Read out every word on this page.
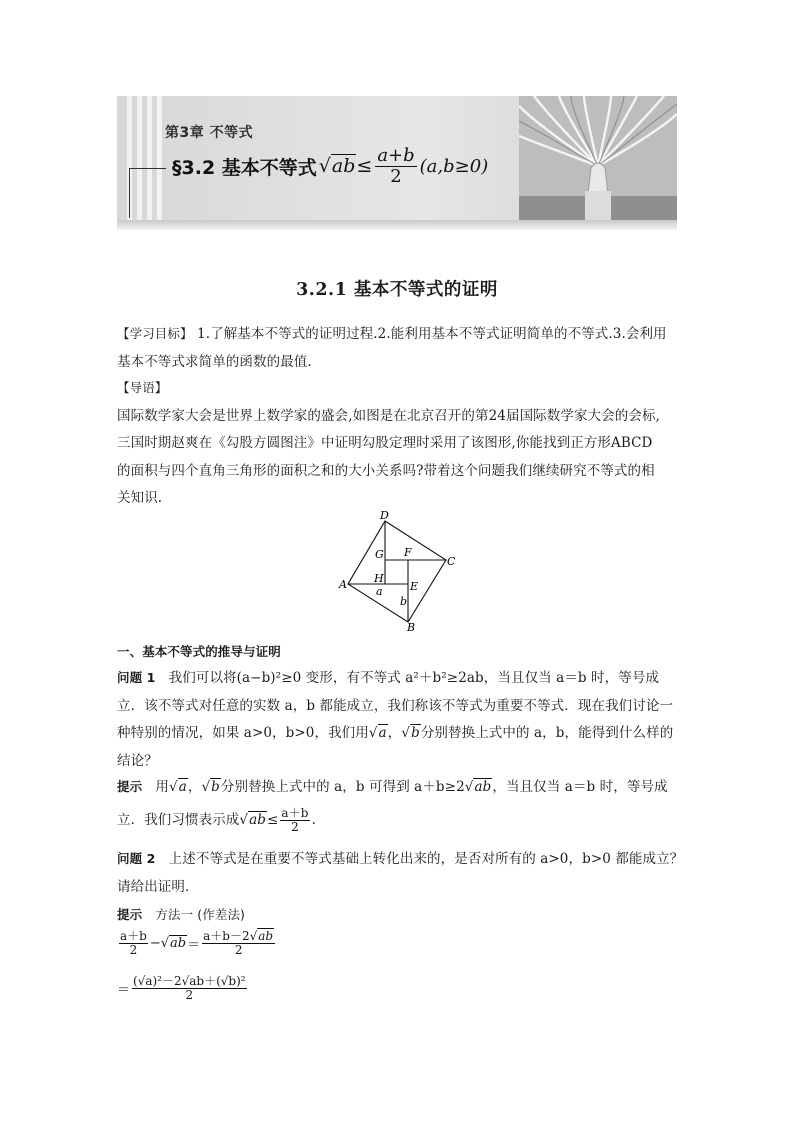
第3章 不等式
§3.2 基本不等式 $√ab \le \frac{a+b}{2} (a,b\ge 0)$
3.2.1 基本不等式的证明
【学习目标】 1.了解基本不等式的证明过程.2.能利用基本不等式证明简单的不等式.3.会利用
基本不等式求简单的函数的最值.
【导语】
国际数学家大会是世界上数学家的盛会,如图是在北京召开的第24届国际数学家大会的会标,
三国时期赵爽在《勾股方圆图注》中证明勾股定理时采用了该图形,你能找到正方形ABCD
的面积与四个直角三角形的面积之和的大小关系吗?带着这个问题我们继续研究不等式的相
关知识.
D
C
A
B
G F
H
E
a
b
一、基本不等式的推导与证明
问题 1 我们可以将(a−b)²≥0 变形，有不等式 a²＋b²≥2ab，当且仅当 a＝b 时，等号成
立．该不等式对任意的实数 a，b 都能成立，我们称该不等式为重要不等式．现在我们讨论一
种特别的情况，如果 a>0，b>0，我们用√a，√b分别替换上式中的 a，b，能得到什么样的
结论？
提示 用√a，√b分别替换上式中的 a，b 可得到 a＋b≥2√ab，当且仅当 a＝b 时，等号成
立．我们习惯表示成$√ab\le \frac{a+b}{2}$ .
问题 2 上述不等式是在重要不等式基础上转化出来的，是否对所有的 a>0，b>0 都能成立？
请给出证明．
提示 方法一 (作差法)
$\frac{a+b}{2} - √ab = \frac{a+b-2√ab}{2}$
＝ $\frac{\text{(√a)²－2√ab＋(√b)²}}{2}$
